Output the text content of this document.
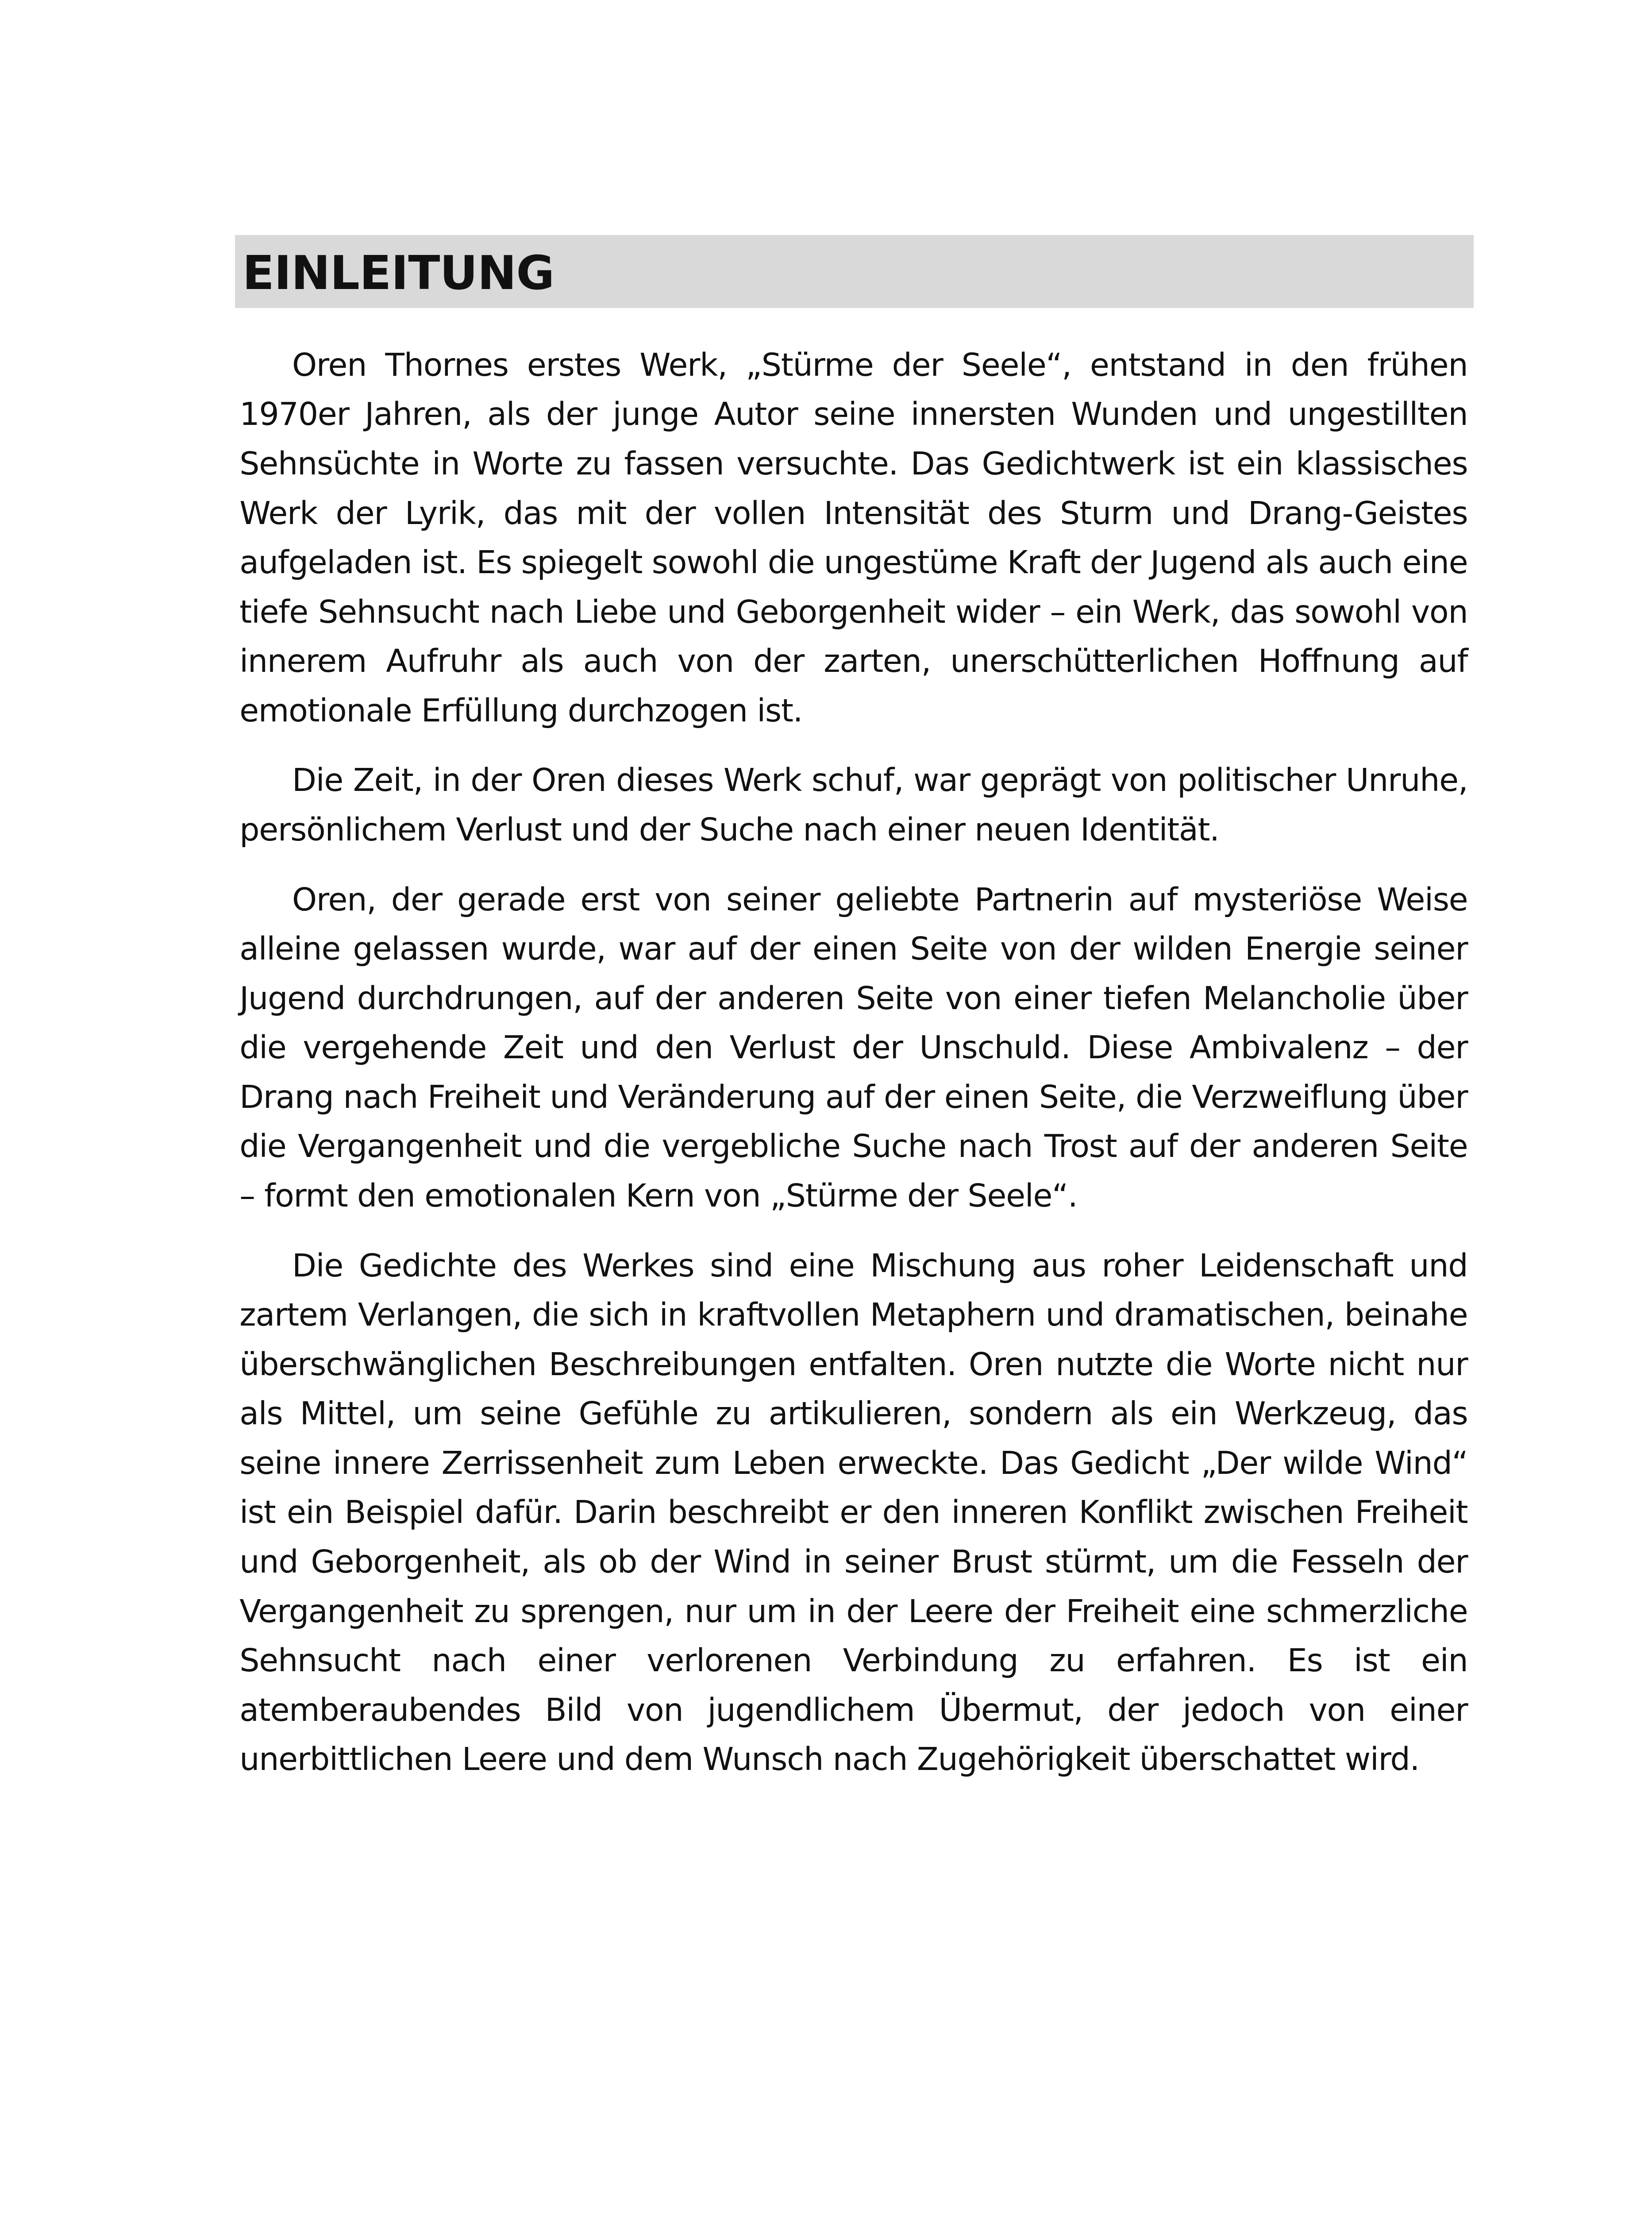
EINLEITUNG

Oren Thornes erstes Werk, „Stürme der Seele“, entstand in den frühen 1970er Jahren, als der junge Autor seine innersten Wunden und ungestillten Sehnsüchte in Worte zu fassen versuchte. Das Gedichtwerk ist ein klassisches Werk der Lyrik, das mit der vollen Intensität des Sturm und Drang-Geistes aufgeladen ist. Es spiegelt sowohl die ungestüme Kraft der Jugend als auch eine tiefe Sehnsucht nach Liebe und Geborgenheit wider – ein Werk, das sowohl von innerem Aufruhr als auch von der zarten, unerschütterlichen Hoffnung auf emotionale Erfüllung durchzogen ist.

Die Zeit, in der Oren dieses Werk schuf, war geprägt von politischer Unruhe, persönlichem Verlust und der Suche nach einer neuen Identität.

Oren, der gerade erst von seiner geliebte Partnerin auf mysteriöse Weise alleine gelassen wurde, war auf der einen Seite von der wilden Energie seiner Jugend durchdrungen, auf der anderen Seite von einer tiefen Melancholie über die vergehende Zeit und den Verlust der Unschuld. Diese Ambivalenz – der Drang nach Freiheit und Veränderung auf der einen Seite, die Verzweiflung über die Vergangenheit und die vergebliche Suche nach Trost auf der anderen Seite – formt den emotionalen Kern von „Stürme der Seele“.

Die Gedichte des Werkes sind eine Mischung aus roher Leidenschaft und zartem Verlangen, die sich in kraftvollen Metaphern und dramatischen, beinahe überschwänglichen Beschreibungen entfalten. Oren nutzte die Worte nicht nur als Mittel, um seine Gefühle zu artikulieren, sondern als ein Werkzeug, das seine innere Zerrissenheit zum Leben erweckte. Das Gedicht „Der wilde Wind“ ist ein Beispiel dafür. Darin beschreibt er den inneren Konflikt zwischen Freiheit und Geborgenheit, als ob der Wind in seiner Brust stürmt, um die Fesseln der Vergangenheit zu sprengen, nur um in der Leere der Freiheit eine schmerzliche Sehnsucht nach einer verlorenen Verbindung zu erfahren. Es ist ein atemberaubendes Bild von jugendlichem Übermut, der jedoch von einer unerbittlichen Leere und dem Wunsch nach Zugehörigkeit überschattet wird.
